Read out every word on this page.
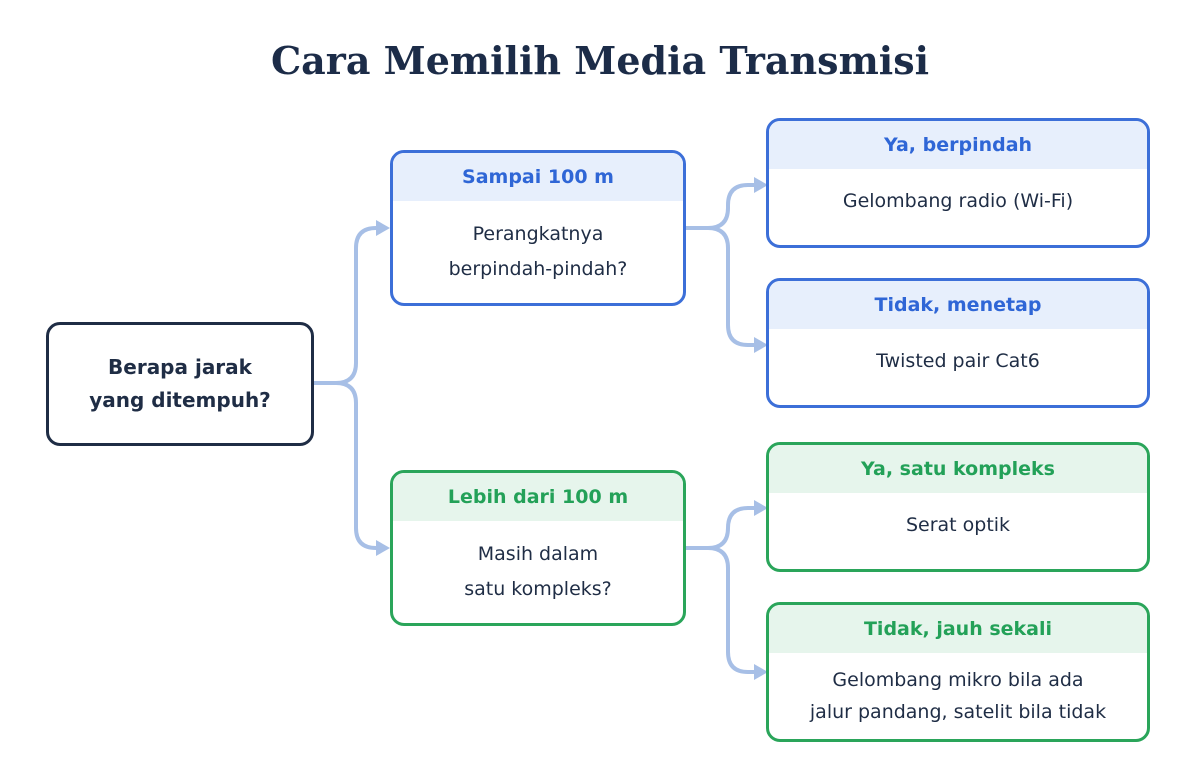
Cara Memilih Media Transmisi
Berapa jarak
yang ditempuh?
Sampai 100 m
Perangkatnya
berpindah-pindah?
Ya, berpindah
Gelombang radio (Wi-Fi)
Tidak, menetap
Twisted pair Cat6
Lebih dari 100 m
Masih dalam
satu kompleks?
Ya, satu kompleks
Serat optik
Tidak, jauh sekali
Gelombang mikro bila ada
jalur pandang, satelit bila tidak
